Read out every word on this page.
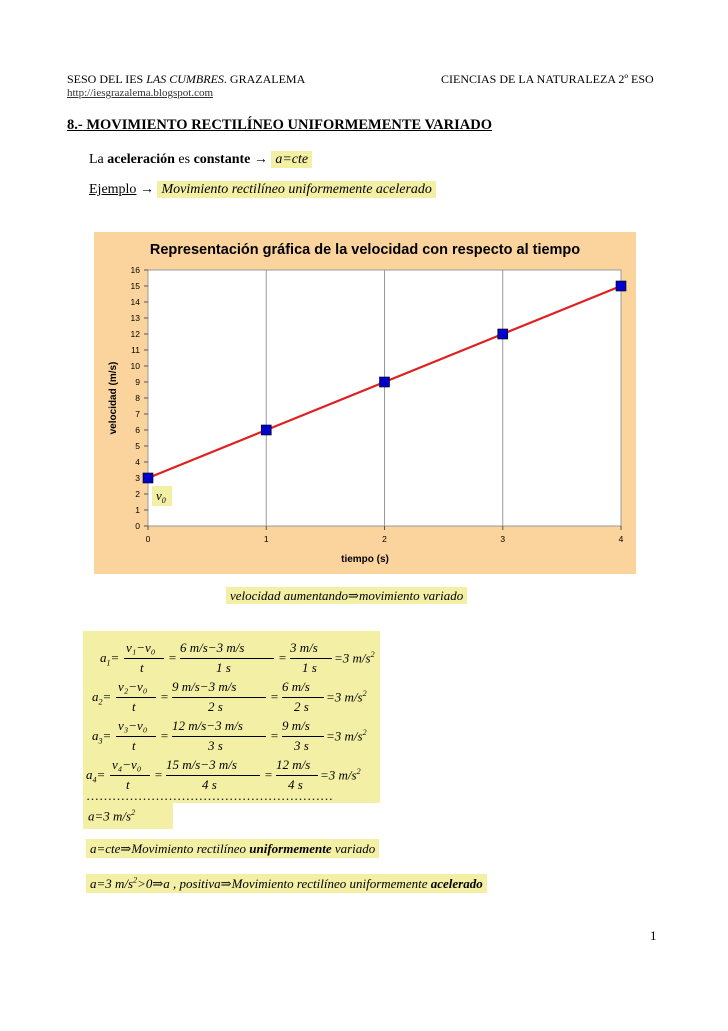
SESO DEL IES LAS CUMBRES. GRAZALEMA	CIENCIAS DE LA NATURALEZA 2º ESO
http://iesgrazalema.blogspot.com
8.- MOVIMIENTO RECTILÍNEO UNIFORMEMENTE VARIADO
La aceleración es constante → a=cte
Ejemplo → Movimiento rectilíneo uniformemente acelerado
Representación gráfica de la velocidad con respecto al tiempo
0
1
2
3
4
5
6
7
8
9
10
11
12
13
14
15
16
0	1	2	3	4
tiempo (s)
velocidad (m/s)
$v_0$
velocidad aumentando⇒movimiento variado
$a_1=$
v₁−v₀
t
=
6 m/s−3 m/s
1 s
=
3 m/s
1 s
=3 $m/s^2$
$a_2=$
v₂−v₀
t
=
9 m/s−3 m/s
2 s
=
6 m/s
2 s
=3 $m/s^2$
$a_3=$
v₃−v₀
t
=
12 m/s−3 m/s
3 s
=
9 m/s
3 s
=3 $m/s^2$
$a_4=$
v₄−v₀
t
=
15 m/s−3 m/s
4 s
=
12 m/s
4 s
=3 $m/s^2$
…………………………………………………
a=3 $m/s^2$
a=cte⇒Movimiento rectilíneo uniformemente variado
a=3 $m/s^2>0\Rightarrow a$ , positiva⇒Movimiento rectilíneo uniformemente acelerado
1
